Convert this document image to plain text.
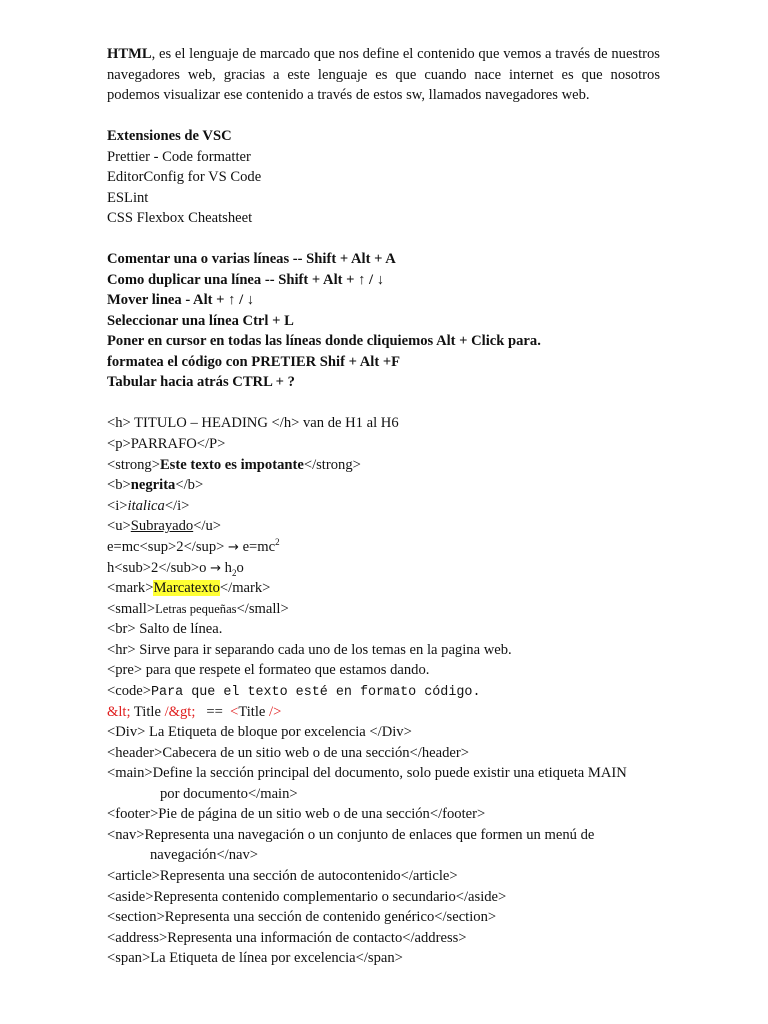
HTML, es el lenguaje de marcado que nos define el contenido que vemos a través de nuestros navegadores web, gracias a este lenguaje es que cuando nace internet es que nosotros podemos visualizar ese contenido a través de estos sw, llamados navegadores web.
Extensiones de VSC
Prettier - Code formatter
EditorConfig for VS Code
ESLint
CSS Flexbox Cheatsheet
Comentar una o varias líneas -- Shift + Alt + A
Como duplicar una línea -- Shift + Alt + ↑ / ↓
Mover linea - Alt + ↑ / ↓
Seleccionar una línea Ctrl + L
Poner en cursor en todas las líneas donde cliquiemos Alt + Click para.
formatea el código con PRETIER Shif + Alt +F
Tabular hacia atrás CTRL + ?
<h> TITULO – HEADING </h> van de H1 al H6
<p>PARRAFO</P>
<strong>Este texto es impotante</strong>
<b>negrita</b>
<i>italica</i>
<u>Subrayado</u>
$e=mc<sup>2</sup> \to e=mc^2$
$h<sub>2</sub>o \to h_2o$
<mark>Marcatexto</mark>
<small>Letras pequeñas</small>
<br> Salto de línea.
<hr> Sirve para ir separando cada uno de los temas en la pagina web.
<pre> para que respete el formateo que estamos dando.
<code>Para que el texto esté en formato código.
&lt; Title /&gt;   ==  <Title />
<Div> La Etiqueta de bloque por excelencia </Div>
<header>Cabecera de un sitio web o de una sección</header>
<main>Define la sección principal del documento, solo puede existir una etiqueta MAIN
por documento</main>
<footer>Pie de página de un sitio web o de una sección</footer>
<nav>Representa una navegación o un conjunto de enlaces que formen un menú de
navegación</nav>
<article>Representa una sección de autocontenido</article>
<aside>Representa contenido complementario o secundario</aside>
<section>Representa una sección de contenido genérico</section>
<address>Representa una información de contacto</address>
<span>La Etiqueta de línea por excelencia</span>
